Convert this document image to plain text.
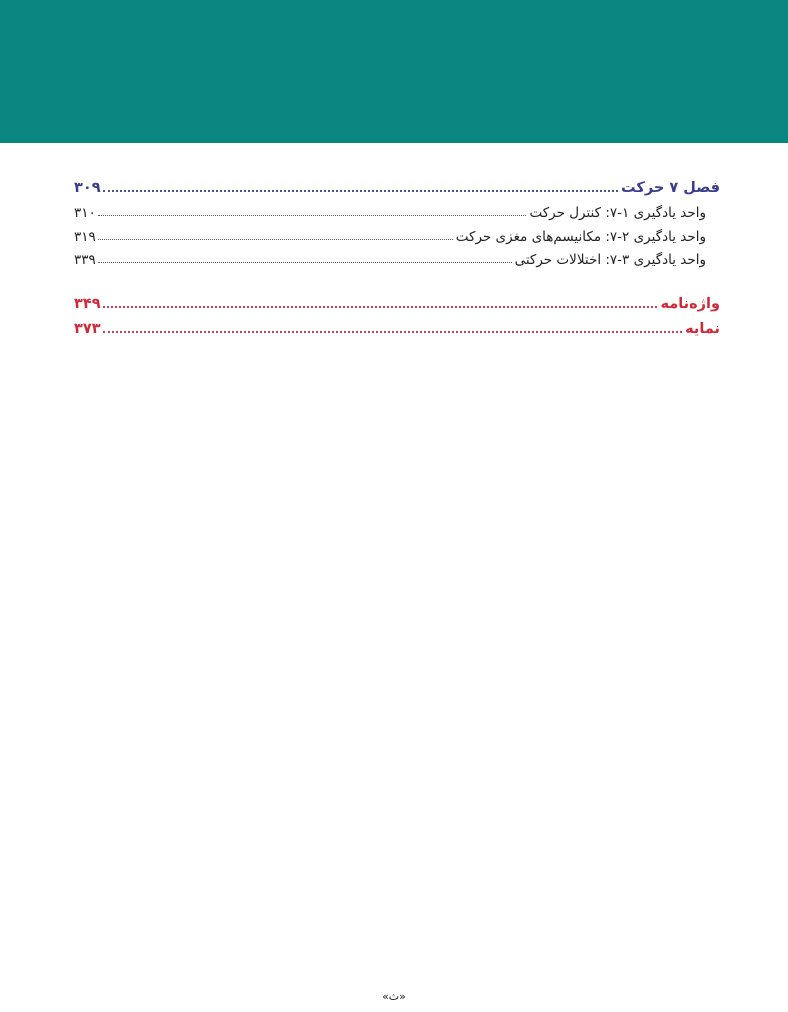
فصل ۷ حرکت
۳۰۹
واحد یادگیری ۱-۷: کنترل حرکت
۳۱۰
واحد یادگیری ۲-۷: مکانیسم‌های مغزی حرکت
۳۱۹
واحد یادگیری ۳-۷: اختلالات حرکتی
۳۳۹
واژه‌نامه
۳۴۹
نمایه
۳۷۳
«ث»
